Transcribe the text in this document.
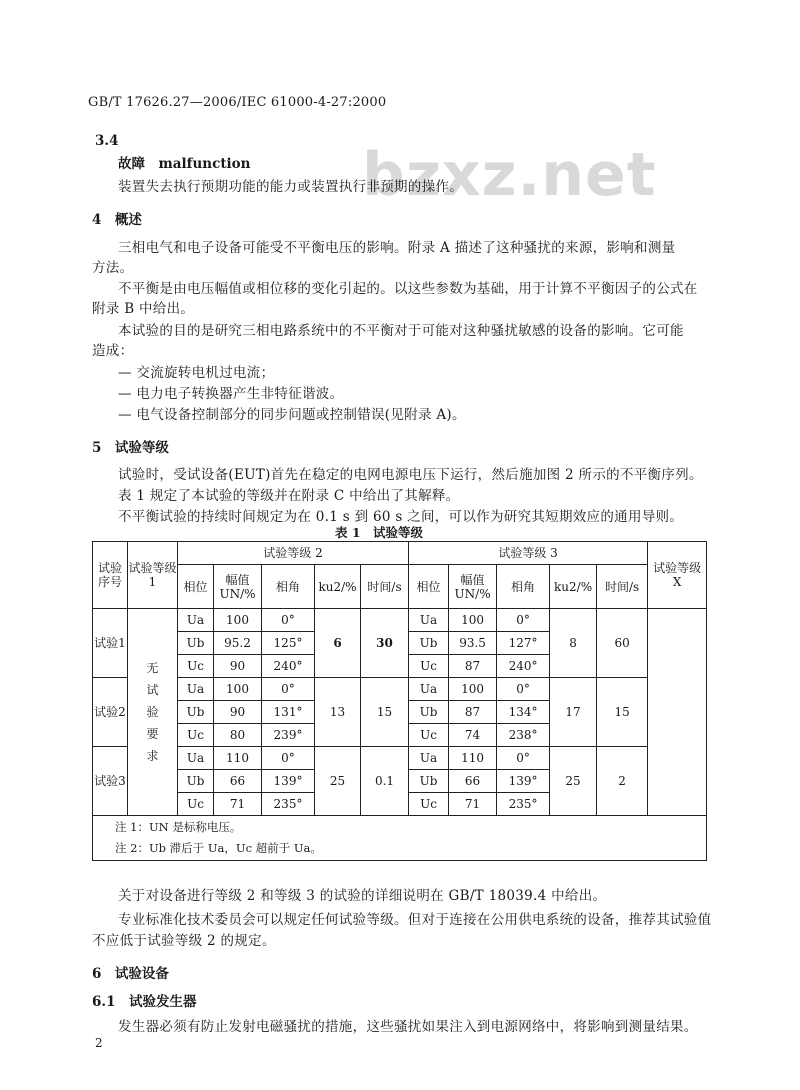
GB/T 17626.27—2006/IEC 61000-4-27:2000
bzxz.net
3.4
故障　malfunction
装置失去执行预期功能的能力或装置执行非预期的操作。
4　概述
三相电气和电子设备可能受不平衡电压的影响。附录 A 描述了这种骚扰的来源，影响和测量
方法。
不平衡是由电压幅值或相位移的变化引起的。以这些参数为基础，用于计算不平衡因子的公式在
附录 B 中给出。
本试验的目的是研究三相电路系统中的不平衡对于可能对这种骚扰敏感的设备的影响。它可能
造成：
— 交流旋转电机过电流；
— 电力电子转换器产生非特征谐波。
— 电气设备控制部分的同步问题或控制错误(见附录 A)。
5　试验等级
试验时，受试设备(EUT)首先在稳定的电网电源电压下运行，然后施加图 2 所示的不平衡序列。
表 1 规定了本试验的等级并在附录 C 中给出了其解释。
不平衡试验的持续时间规定为在 0.1 s 到 60 s 之间，可以作为研究其短期效应的通用导则。
表 1　试验等级
试验序号	试验等级 1	试验等级 2					试验等级 3					试验等级 X
		相位	幅值 UN/%	相角	ku2/%	时间/s	相位	幅值 UN/%	相角	ku2/%	时间/s	
试验1	无试验要求	Ua	100	0°	6	30	Ua	100	0°	8	60	
		Ub	95.2	125°			Ub	93.5	127°			
		Uc	90	240°			Uc	87	240°			
试验2		Ua	100	0°	13	15	Ua	100	0°	17	15	
		Ub	90	131°			Ub	87	134°			
		Uc	80	239°			Uc	74	238°			
试验3		Ua	110	0°	25	0.1	Ua	110	0°	25	2	
		Ub	66	139°			Ub	66	139°			
		Uc	71	235°			Uc	71	235°			

注 1：UN 是标称电压。
注 2：Ub 滞后于 Ua，Uc 超前于 Ua。												
关于对设备进行等级 2 和等级 3 的试验的详细说明在 GB/T 18039.4 中给出。
专业标准化技术委员会可以规定任何试验等级。但对于连接在公用供电系统的设备，推荐其试验值
不应低于试验等级 2 的规定。
6　试验设备
6.1　试验发生器
发生器必须有防止发射电磁骚扰的措施，这些骚扰如果注入到电源网络中，将影响到测量结果。
2
